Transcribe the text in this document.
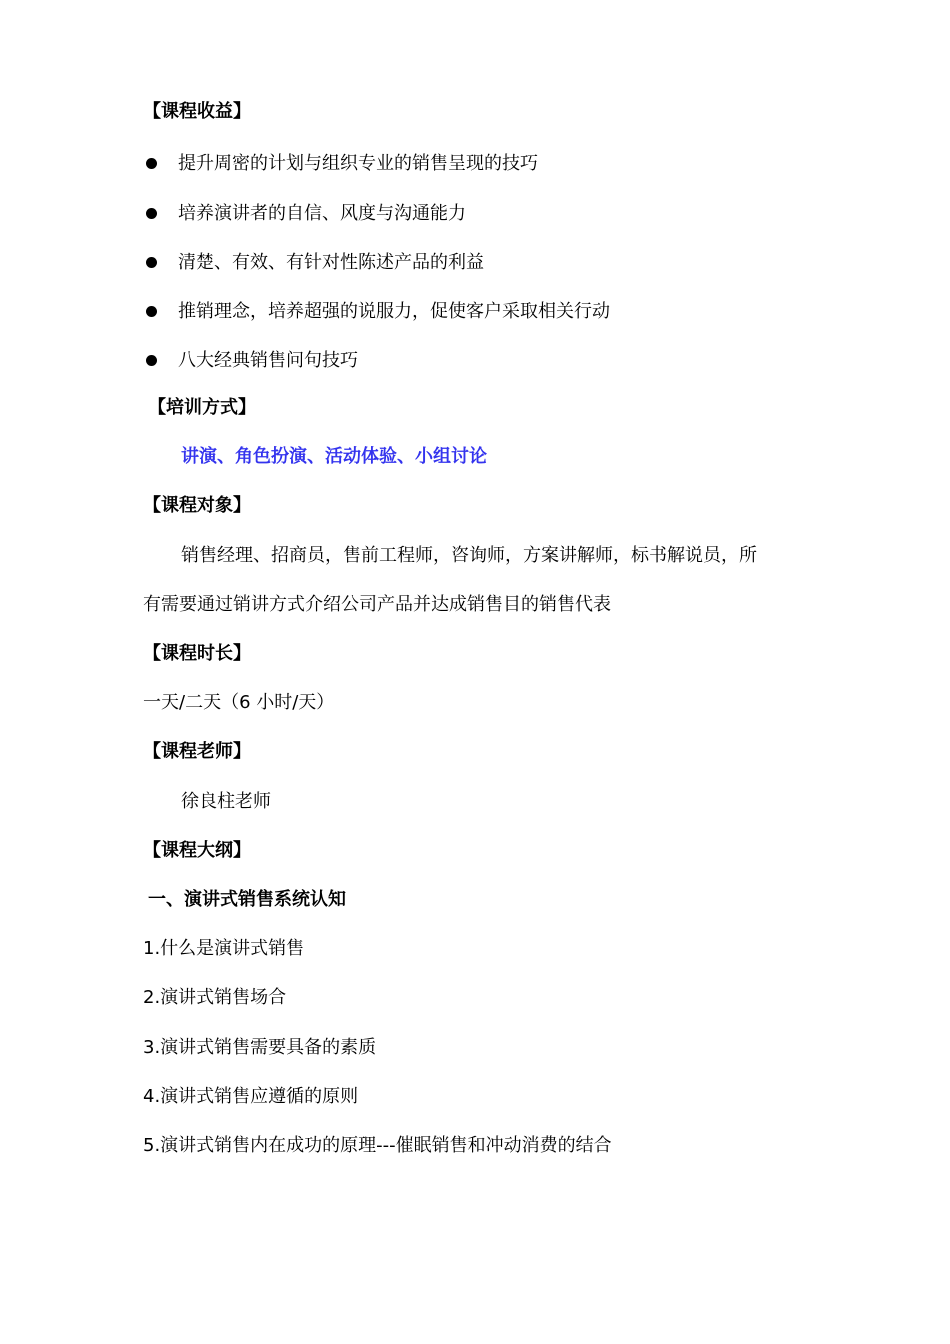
【课程收益】
提升周密的计划与组织专业的销售呈现的技巧
培养演讲者的自信、风度与沟通能力
清楚、有效、有针对性陈述产品的利益
推销理念，培养超强的说服力，促使客户采取相关行动
八大经典销售问句技巧
【培训方式】
讲演、角色扮演、活动体验、小组讨论
【课程对象】
销售经理、招商员，售前工程师，咨询师，方案讲解师，标书解说员，所
有需要通过销讲方式介绍公司产品并达成销售目的销售代表
【课程时长】
一天/二天（6 小时/天）
【课程老师】
徐良柱老师
【课程大纲】
一、演讲式销售系统认知
1.什么是演讲式销售
2.演讲式销售场合
3.演讲式销售需要具备的素质
4.演讲式销售应遵循的原则
5.演讲式销售内在成功的原理---催眠销售和冲动消费的结合
